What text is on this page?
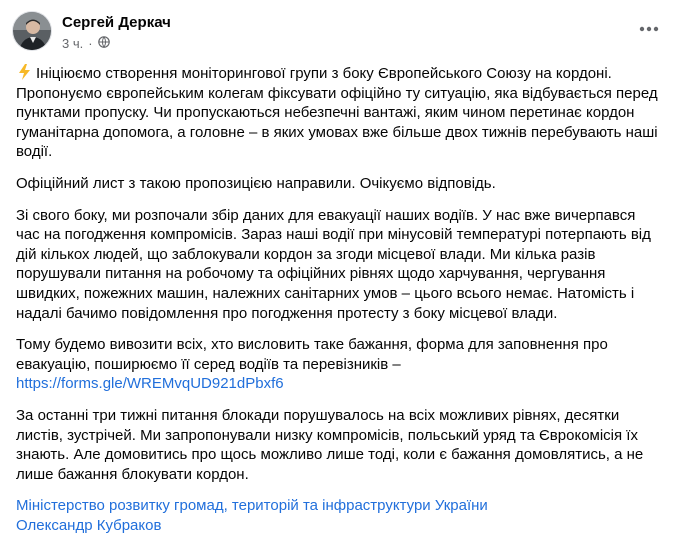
Сергей Деркач
3 ч. ·

Ініціюємо створення моніторингової групи з боку Європейського Союзу на кордоні. Пропонуємо європейським колегам фіксувати офіційно ту ситуацію, яка відбувається перед пунктами пропуску. Чи пропускаються небезпечні вантажі, яким чином перетинає кордон гуманітарна допомога, а головне – в яких умовах вже більше двох тижнів перебувають наші водії.

Офіційний лист з такою пропозицією направили. Очікуємо відповідь.

Зі свого боку, ми розпочали збір даних для евакуації наших водіїв. У нас вже вичерпався час на погодження компромісів. Зараз наші водії при мінусовій температурі потерпають від дій кількох людей, що заблокували кордон за згоди місцевої влади. Ми кілька разів порушували питання на робочому та офіційних рівнях щодо харчування, чергування швидких, пожежних машин, належних санітарних умов – цього всього немає. Натомість і надалі бачимо повідомлення про погодження протесту з боку місцевої влади.

Тому будемо вивозити всіх, хто висловить таке бажання, форма для заповнення про евакуацію, поширюємо її серед водіїв та перевізників –
https://forms.gle/WREMvqUD921dPbxf6

За останні три тижні питання блокади порушувалось на всіх можливих рівнях, десятки листів, зустрічей. Ми запропонували низку компромісів, польський уряд та Єврокомісія їх знають. Але домовитись про щось можливо лише тоді, коли є бажання домовлятись, а не лише бажання блокувати кордон.

Міністерство розвитку громад, територій та інфраструктури України
Олександр Кубраков
